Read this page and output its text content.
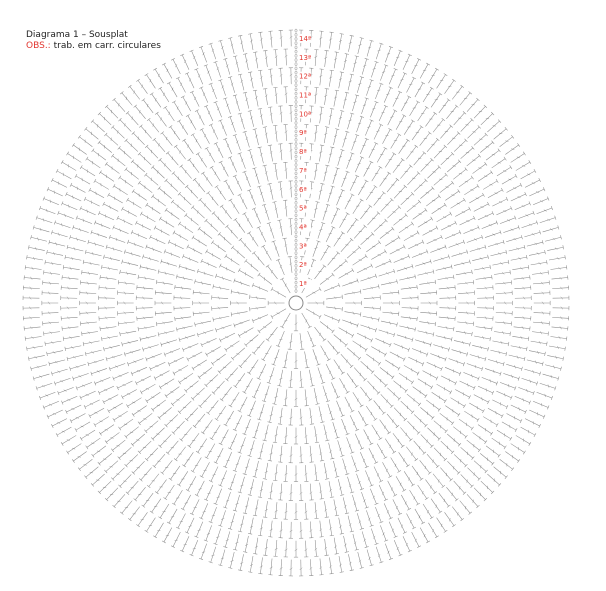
Diagrama 1 – Sousplat
OBS.: trab. em carr. circulares
1ª
2ª
3ª
4ª
5ª
6ª
7ª
8ª
9ª
10ª
11ª
12ª
13ª
14ª
